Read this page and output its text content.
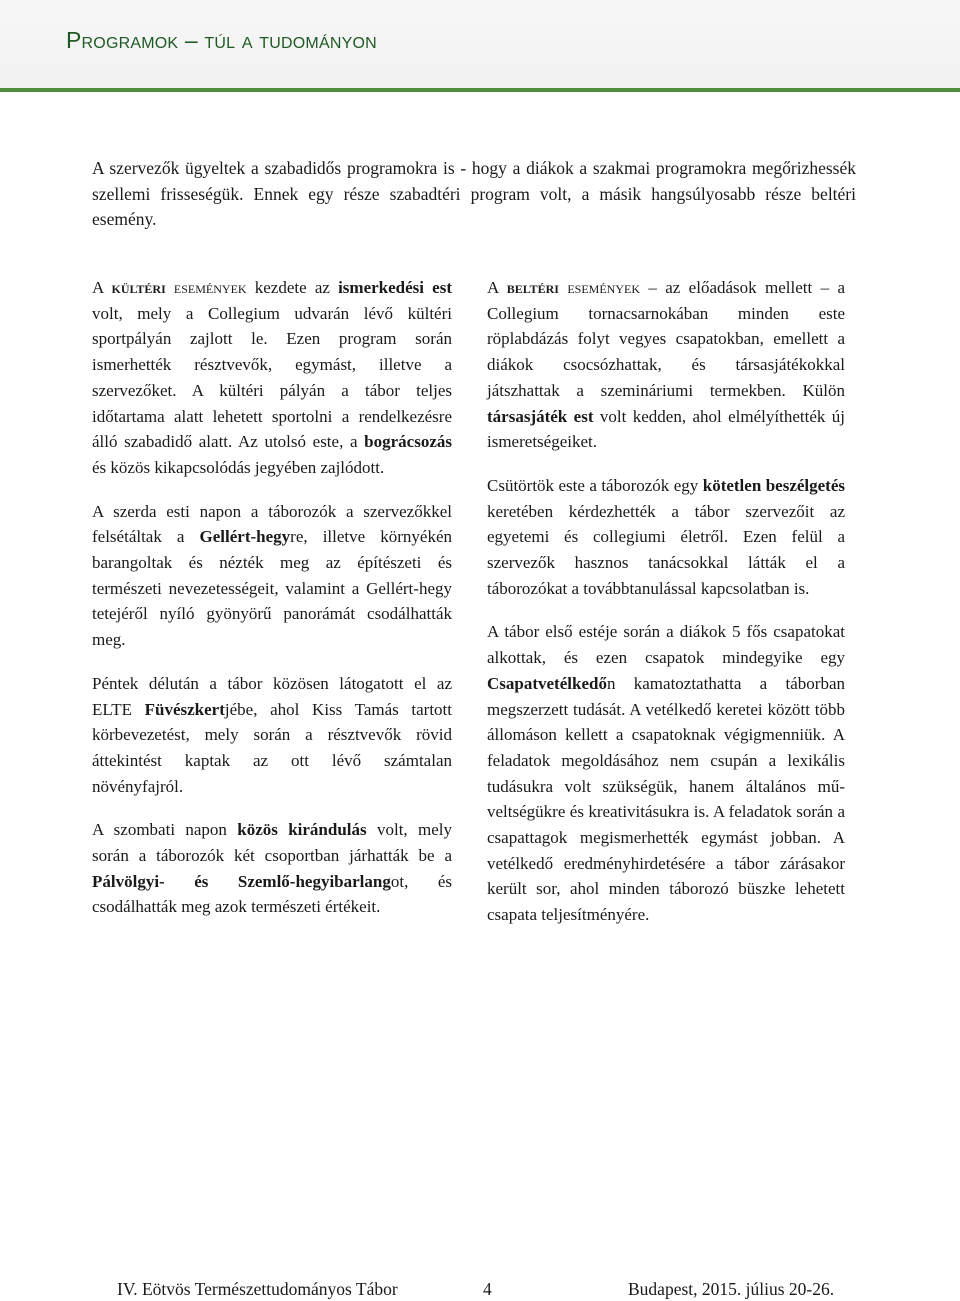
Programok – túl a tudományon

A szervezők ügyeltek a szabadidős programokra is - hogy a diákok a szakmai programokra megőrizhessék szellemi frisseségük. Ennek egy része szabadtéri program volt, a másik hangsúlyosabb része beltéri esemény.

A kültéri események kezdete az ismerkedési est volt, mely a Collegium udvarán lévő kültéri sportpályán zajlott le. Ezen program során ismerhették résztvevők, egymást, illetve a szervezőket. A kültéri pályán a tábor teljes időtartama alatt lehetett sportolni a rendelkezésre álló szabadidő alatt. Az utolsó este, a bográcsozás és közös kikapcsolódás jegyében zajlódott.

A szerda esti napon a táborozók a szervezőkkel felsétáltak a Gellért-hegyre, illetve környékén barangoltak és nézték meg az építészeti és természeti nevezetességeit, valamint a Gellért-hegy tetejéről nyíló gyönyörű panorámát csodálhatták meg.

Péntek délután a tábor közösen látogatott el az ELTE Füvészkertjébe, ahol Kiss Tamás tartott körbevezetést, mely során a résztvevők rövid áttekintést kaptak az ott lévő számtalan növényfajról.

A szombati napon közös kirándulás volt, mely során a táborozók két csoportban járhatták be a Pálvölgyi- és Szemlő-hegyibarlangot, és csodálhatták meg azok természeti értékeit.

A beltéri események – az előadások mellett – a Collegium tornacsarnokában minden este röplabdázás folyt vegyes csapatokban, emellett a diákok csocsózhattak, és társasjátékokkal játszhattak a szemináriumi termekben. Külön társasjáték est volt kedden, ahol elmélyíthették új ismeretségeiket.

Csütörtök este a táborozók egy kötetlen beszélgetés keretében kérdezhették a tábor szervezőit az egyetemi és collegiumi életről. Ezen felül a szervezők hasznos tanácsokkal látták el a táborozókat a továbbtanulással kapcsolatban is.

A tábor első estéje során a diákok 5 fős csapatokat alkottak, és ezen csapatok mindegyike egy Csapatvetélkedőn kamatoztathatta a táborban megszerzett tudását. A vetélkedő keretei között több állomáson kellett a csapatoknak végigmenniük. A feladatok megoldásához nem csupán a lexikális tudásukra volt szükségük, hanem általános műveltségükre és kreativitásukra is. A feladatok során a csapattagok megismerhették egymást jobban. A vetélkedő eredményhirdetésére a tábor zárásakor került sor, ahol minden táborozó büszke lehetett csapata teljesítményére.

IV. Eötvös Természettudományos Tábor	4	Budapest, 2015. július 20-26.
